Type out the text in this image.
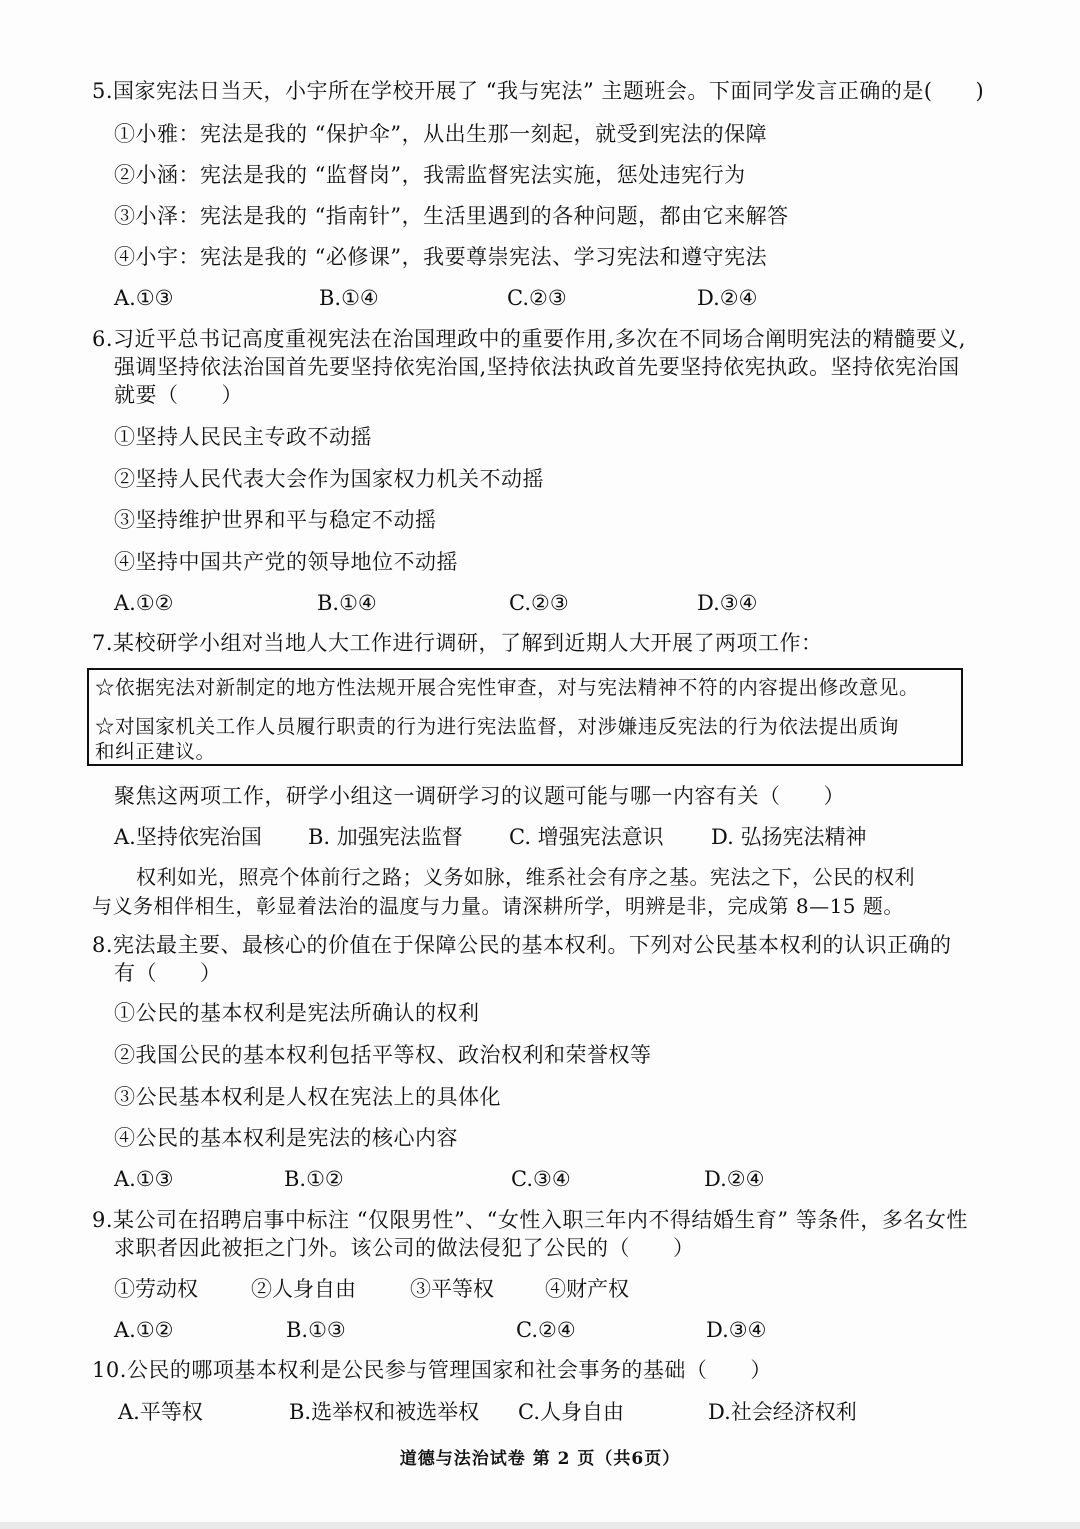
5.国家宪法日当天，小宇所在学校开展了 “我与宪法” 主题班会。下面同学发言正确的是(　　)
①小雅：宪法是我的 “保护伞”，从出生那一刻起，就受到宪法的保障
②小涵：宪法是我的 “监督岗”，我需监督宪法实施，惩处违宪行为
③小泽：宪法是我的 “指南针”，生活里遇到的各种问题，都由它来解答
④小宇：宪法是我的 “必修课”，我要尊崇宪法、学习宪法和遵守宪法
A.①③	B.①④	C.②③	D.②④
6.习近平总书记高度重视宪法在治国理政中的重要作用,多次在不同场合阐明宪法的精髓要义,
强调坚持依法治国首先要坚持依宪治国,坚持依法执政首先要坚持依宪执政。坚持依宪治国
就要（　　）
①坚持人民民主专政不动摇
②坚持人民代表大会作为国家权力机关不动摇
③坚持维护世界和平与稳定不动摇
④坚持中国共产党的领导地位不动摇
A.①②	B.①④	C.②③	D.③④
7.某校研学小组对当地人大工作进行调研，了解到近期人大开展了两项工作：
☆依据宪法对新制定的地方性法规开展合宪性审查，对与宪法精神不符的内容提出修改意见。
☆对国家机关工作人员履行职责的行为进行宪法监督，对涉嫌违反宪法的行为依法提出质询
和纠正建议。
聚焦这两项工作，研学小组这一调研学习的议题可能与哪一内容有关（　　）
A.坚持依宪治国 B. 加强宪法监督 C. 增强宪法意识 D. 弘扬宪法精神
权利如光，照亮个体前行之路；义务如脉，维系社会有序之基。宪法之下，公民的权利
与义务相伴相生，彰显着法治的温度与力量。请深耕所学，明辨是非，完成第 8—15 题。
8.宪法最主要、最核心的价值在于保障公民的基本权利。下列对公民基本权利的认识正确的
有（　　）
①公民的基本权利是宪法所确认的权利
②我国公民的基本权利包括平等权、政治权利和荣誉权等
③公民基本权利是人权在宪法上的具体化
④公民的基本权利是宪法的核心内容
A.①③	B.①②	C.③④	D.②④
9.某公司在招聘启事中标注 “仅限男性”、“女性入职三年内不得结婚生育” 等条件，多名女性
求职者因此被拒之门外。该公司的做法侵犯了公民的（　　）
①劳动权	②人身自由	③平等权 ④财产权
A.①②	B.①③	C.②④	D.③④
10.公民的哪项基本权利是公民参与管理国家和社会事务的基础（　　）
A.平等权	B.选举权和被选举权 C.人身自由	D.社会经济权利
道德与法治试卷 第 2 页（共6页）
